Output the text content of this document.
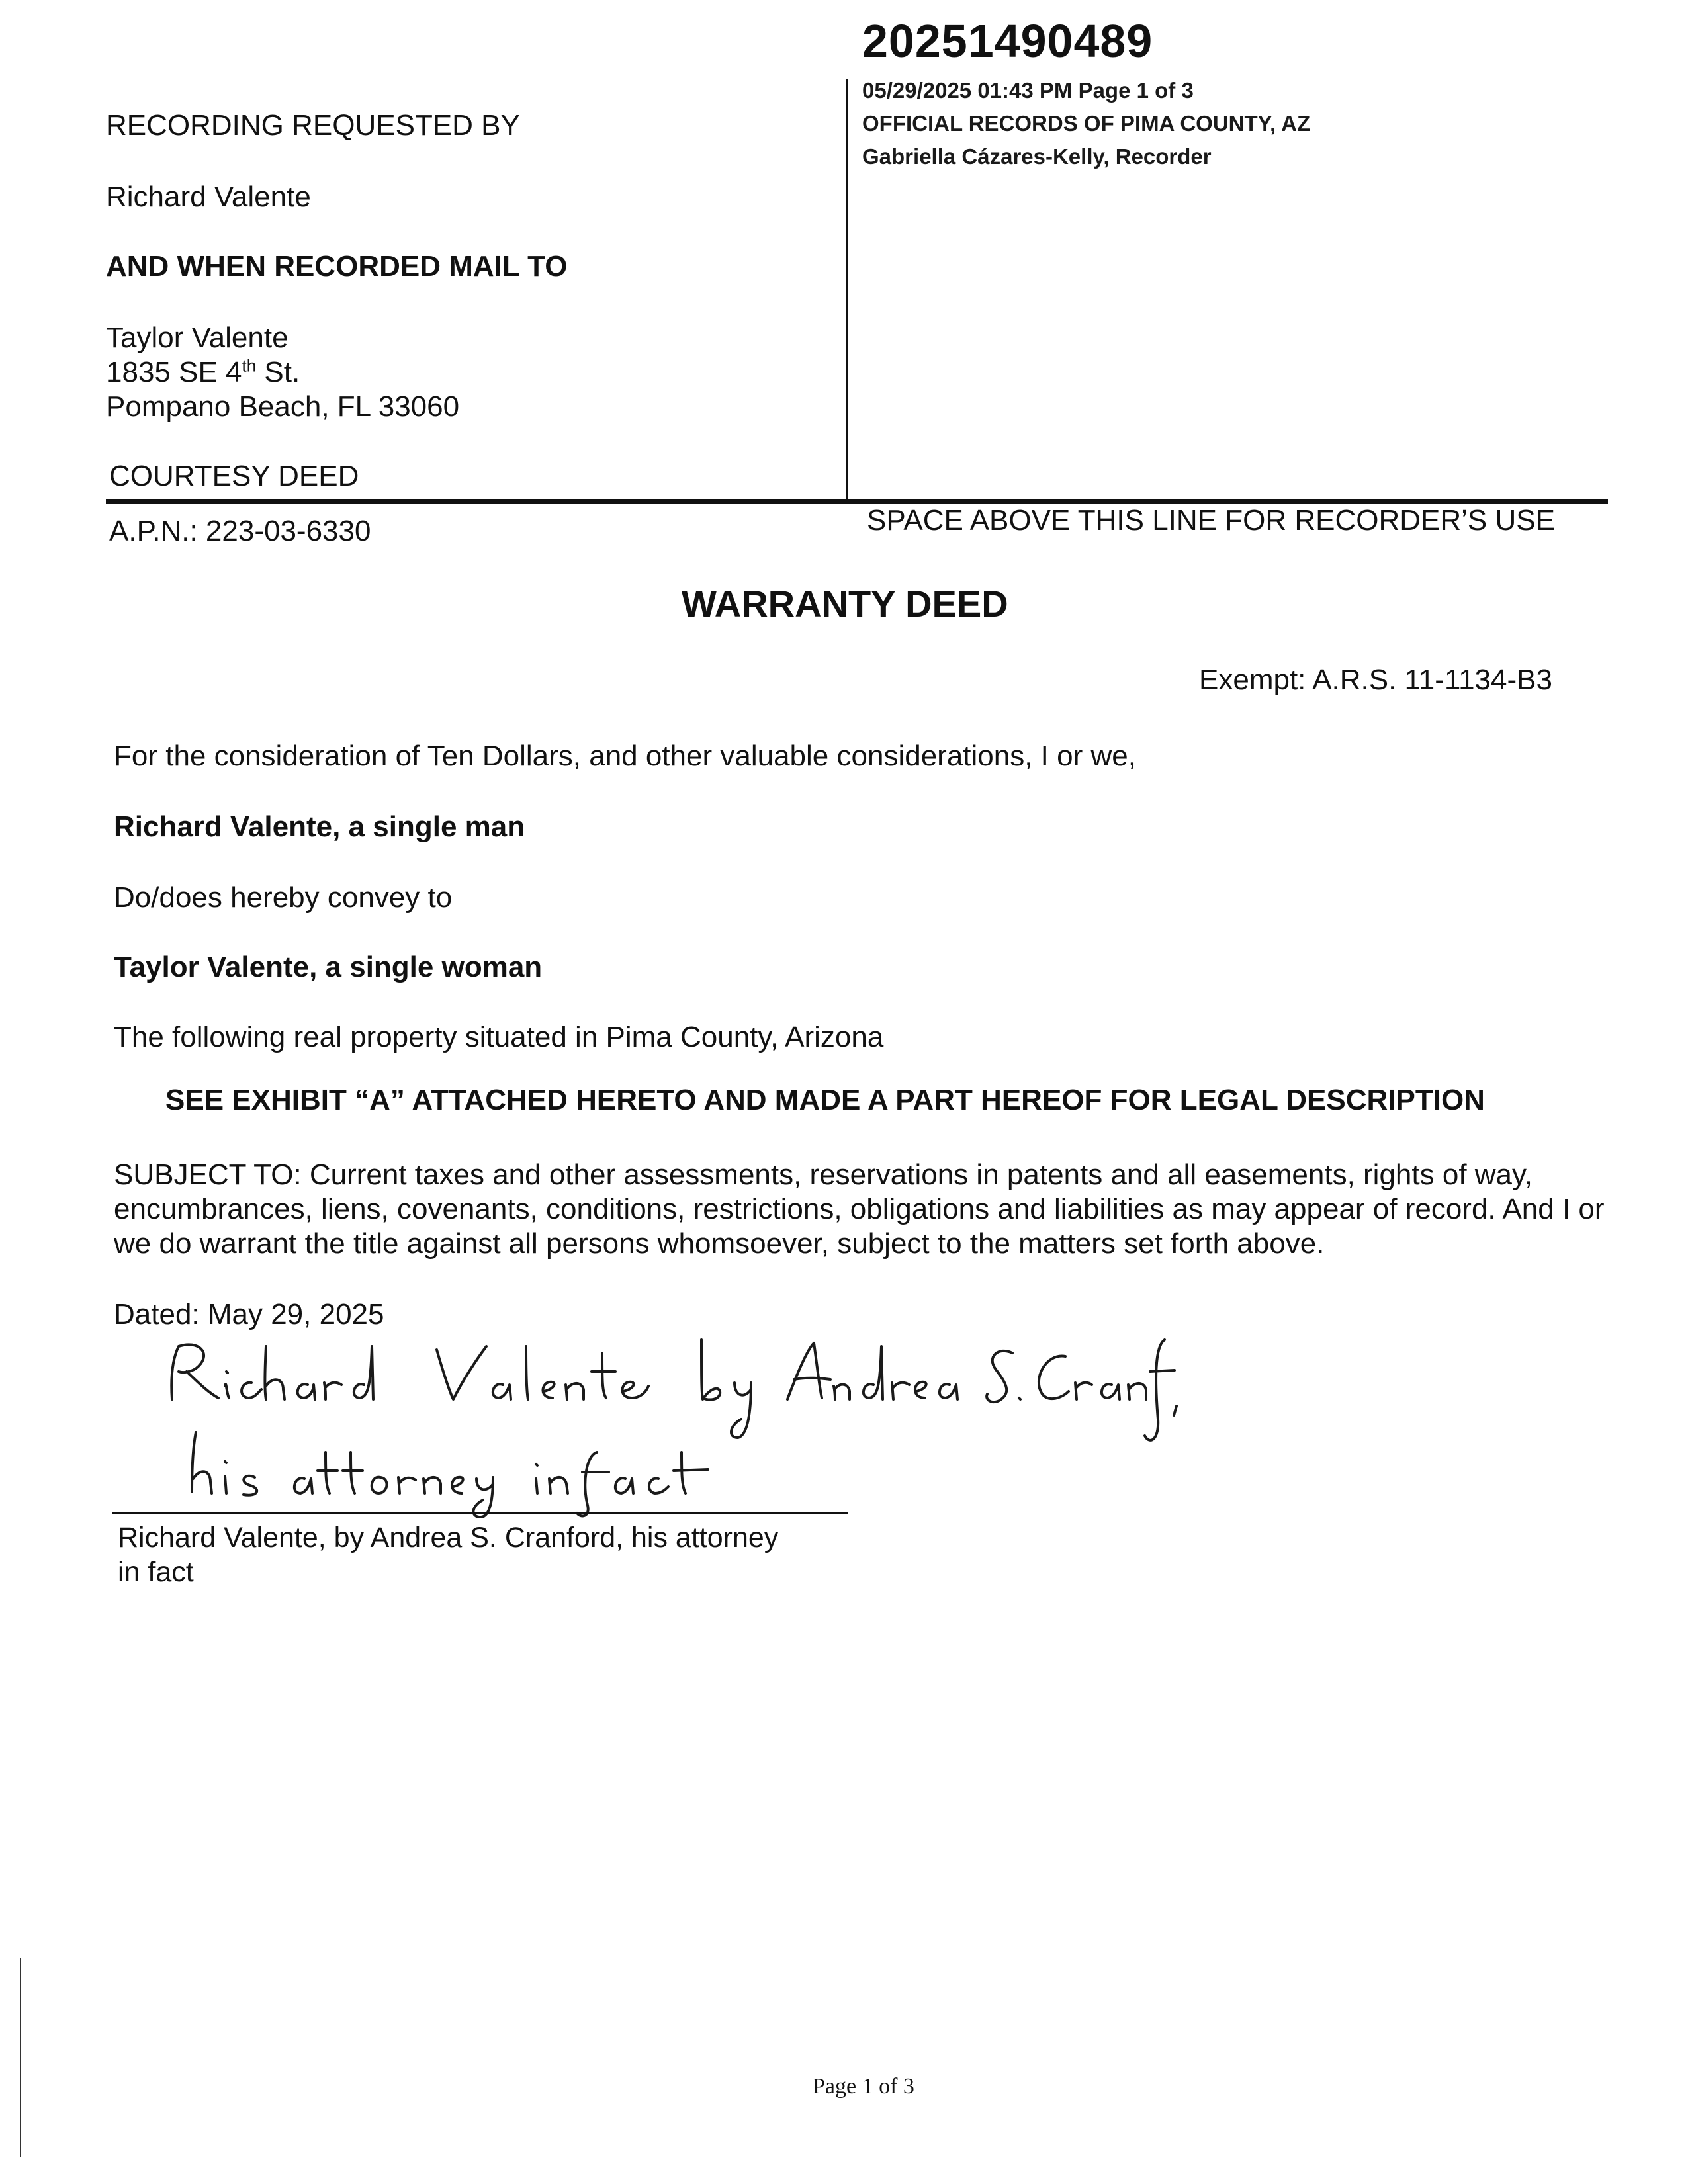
20251490489
05/29/2025 01:43 PM Page 1 of 3
OFFICIAL RECORDS OF PIMA COUNTY, AZ
Gabriella Cázares-Kelly, Recorder
RECORDING REQUESTED BY
Richard Valente
AND WHEN RECORDED MAIL TO
Taylor Valente
1835 SE 4th St.
Pompano Beach, FL 33060
COURTESY DEED
A.P.N.: 223-03-6330	SPACE ABOVE THIS LINE FOR RECORDER’S USE
WARRANTY DEED
Exempt: A.R.S. 11-1134-B3
For the consideration of Ten Dollars, and other valuable considerations, I or we,
Richard Valente, a single man
Do/does hereby convey to
Taylor Valente, a single woman
The following real property situated in Pima County, Arizona
SEE EXHIBIT “A” ATTACHED HERETO AND MADE A PART HEREOF FOR LEGAL DESCRIPTION
SUBJECT TO: Current taxes and other assessments, reservations in patents and all easements, rights of way, encumbrances, liens, covenants, conditions, restrictions, obligations and liabilities as may appear of record. And I or we do warrant the title against all persons whomsoever, subject to the matters set forth above.
Dated: May 29, 2025
Richard Valente, by Andrea S. Cranford, his attorney
in fact
Page 1 of 3
